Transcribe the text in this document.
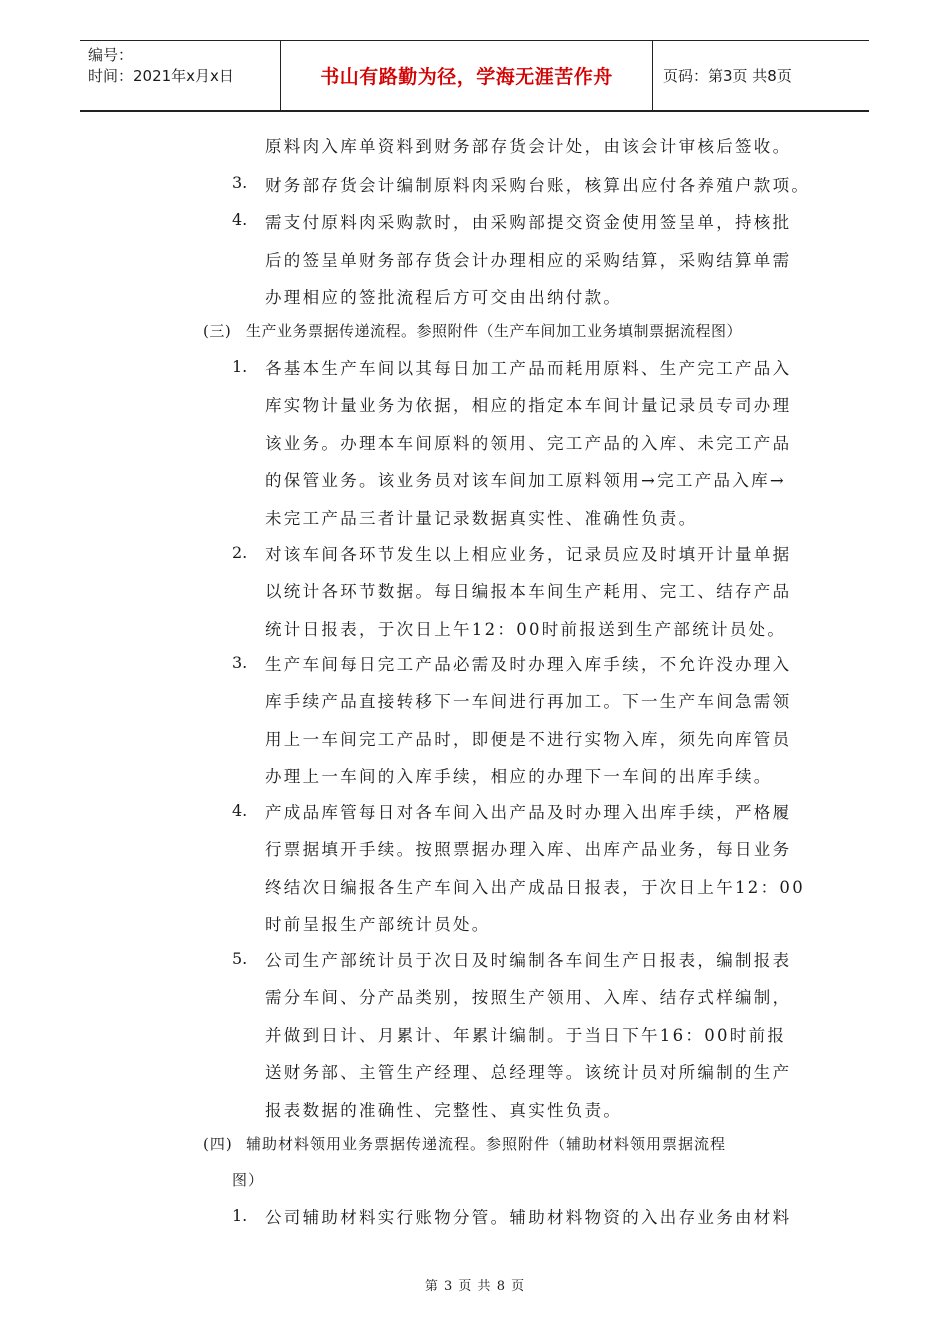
编号：
时间：2021年x月x日	书山有路勤为径，学海无涯苦作舟	页码：第3页 共8页
原料肉入库单资料到财务部存货会计处，由该会计审核后签收。
3. 财务部存货会计编制原料肉采购台账，核算出应付各养殖户款项。
4. 需支付原料肉采购款时，由采购部提交资金使用签呈单，持核批
后的签呈单财务部存货会计办理相应的采购结算，采购结算单需
办理相应的签批流程后方可交由出纳付款。
(三) 生产业务票据传递流程。参照附件（生产车间加工业务填制票据流程图）
1. 各基本生产车间以其每日加工产品而耗用原料、生产完工产品入
库实物计量业务为依据，相应的指定本车间计量记录员专司办理
该业务。办理本车间原料的领用、完工产品的入库、未完工产品
的保管业务。该业务员对该车间加工原料领用→完工产品入库→
未完工产品三者计量记录数据真实性、准确性负责。
2. 对该车间各环节发生以上相应业务，记录员应及时填开计量单据
以统计各环节数据。每日编报本车间生产耗用、完工、结存产品
统计日报表，于次日上午12：00时前报送到生产部统计员处。
3. 生产车间每日完工产品必需及时办理入库手续，不允许没办理入
库手续产品直接转移下一车间进行再加工。下一生产车间急需领
用上一车间完工产品时，即便是不进行实物入库，须先向库管员
办理上一车间的入库手续，相应的办理下一车间的出库手续。
4. 产成品库管每日对各车间入出产品及时办理入出库手续，严格履
行票据填开手续。按照票据办理入库、出库产品业务，每日业务
终结次日编报各生产车间入出产成品日报表，于次日上午12：00
时前呈报生产部统计员处。
5. 公司生产部统计员于次日及时编制各车间生产日报表，编制报表
需分车间、分产品类别，按照生产领用、入库、结存式样编制，
并做到日计、月累计、年累计编制。于当日下午16：00时前报
送财务部、主管生产经理、总经理等。该统计员对所编制的生产
报表数据的准确性、完整性、真实性负责。
(四) 辅助材料领用业务票据传递流程。参照附件（辅助材料领用票据流程
图）
1. 公司辅助材料实行账物分管。辅助材料物资的入出存业务由材料
第 3 页 共 8 页
